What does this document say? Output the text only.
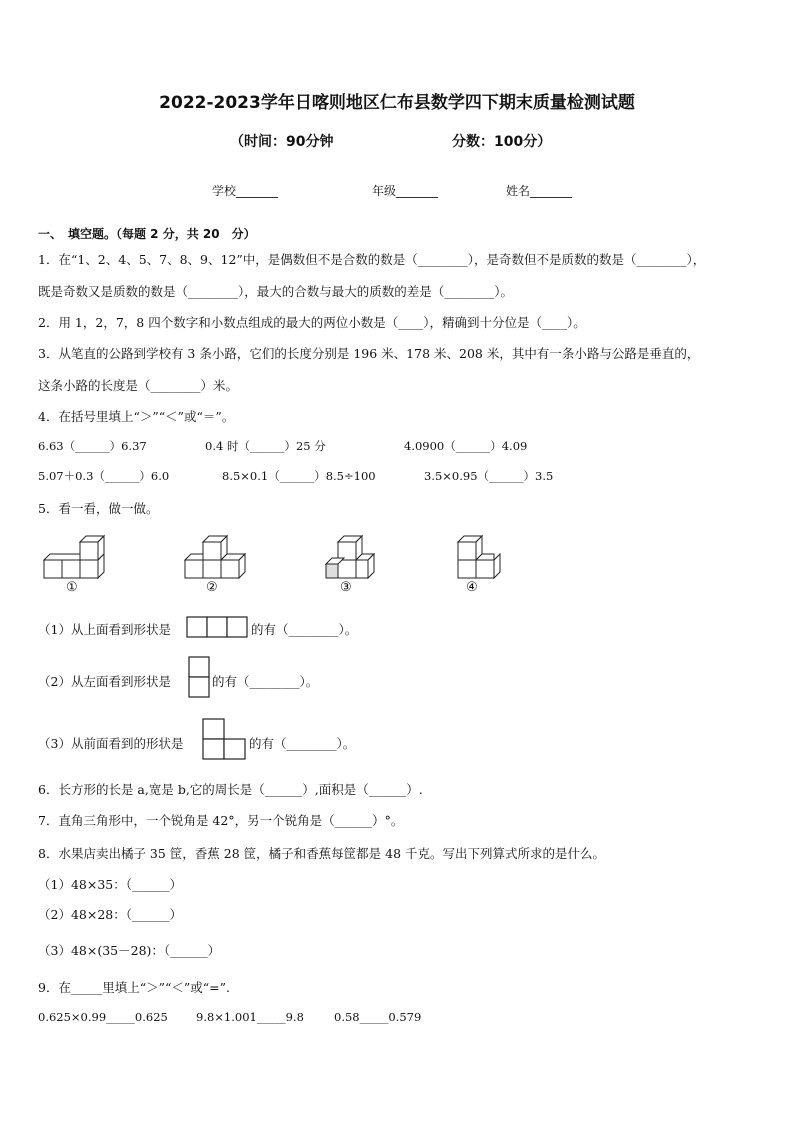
2022-2023学年日喀则地区仁布县数学四下期末质量检测试题
（时间：90分钟	分数：100分）
学校_______	年级_______	姓名_______
一、　填空题。（每题 2 分，共 20　分）
1．在“1、2、4、5、7、8、9、12”中，是偶数但不是合数的数是（________），是奇数但不是质数的数是（________），
既是奇数又是质数的数是（________），最大的合数与最大的质数的差是（________）。
2．用 1，2，7，8 四个数字和小数点组成的最大的两位小数是（____），精确到十分位是（____）。
3．从笔直的公路到学校有 3 条小路，它们的长度分别是 196 米、178 米、208 米，其中有一条小路与公路是垂直的，
这条小路的长度是（________）米。
4．在括号里填上“＞”“＜”或“＝”。
6.63（______）6.37	0.4 时（______）25 分	4.0900（______）4.09
5.07＋0.3（______）6.0	8.5×0.1（______）8.5÷100	3.5×0.95（______）3.5
5．看一看，做一做。
①	②	③	④
（1）从上面看到形状是	的有（________）。
（2）从左面看到形状是	的有（________）。
（3）从前面看到的形状是	的有（________）。
6．长方形的长是 a,宽是 b,它的周长是（______）,面积是（______）.
7．直角三角形中，一个锐角是 42°，另一个锐角是（______）°。
8．水果店卖出橘子 35 筐，香蕉 28 筐，橘子和香蕉每筐都是 48 千克。写出下列算式所求的是什么。
（1）48×35：（______）
（2）48×28：（______）
（3）48×(35－28)：（______）
9．在_____里填上“＞”“＜”或“=”.
0.625×0.99_____0.625 9.8×1.001_____9.8	0.58_____0.579
